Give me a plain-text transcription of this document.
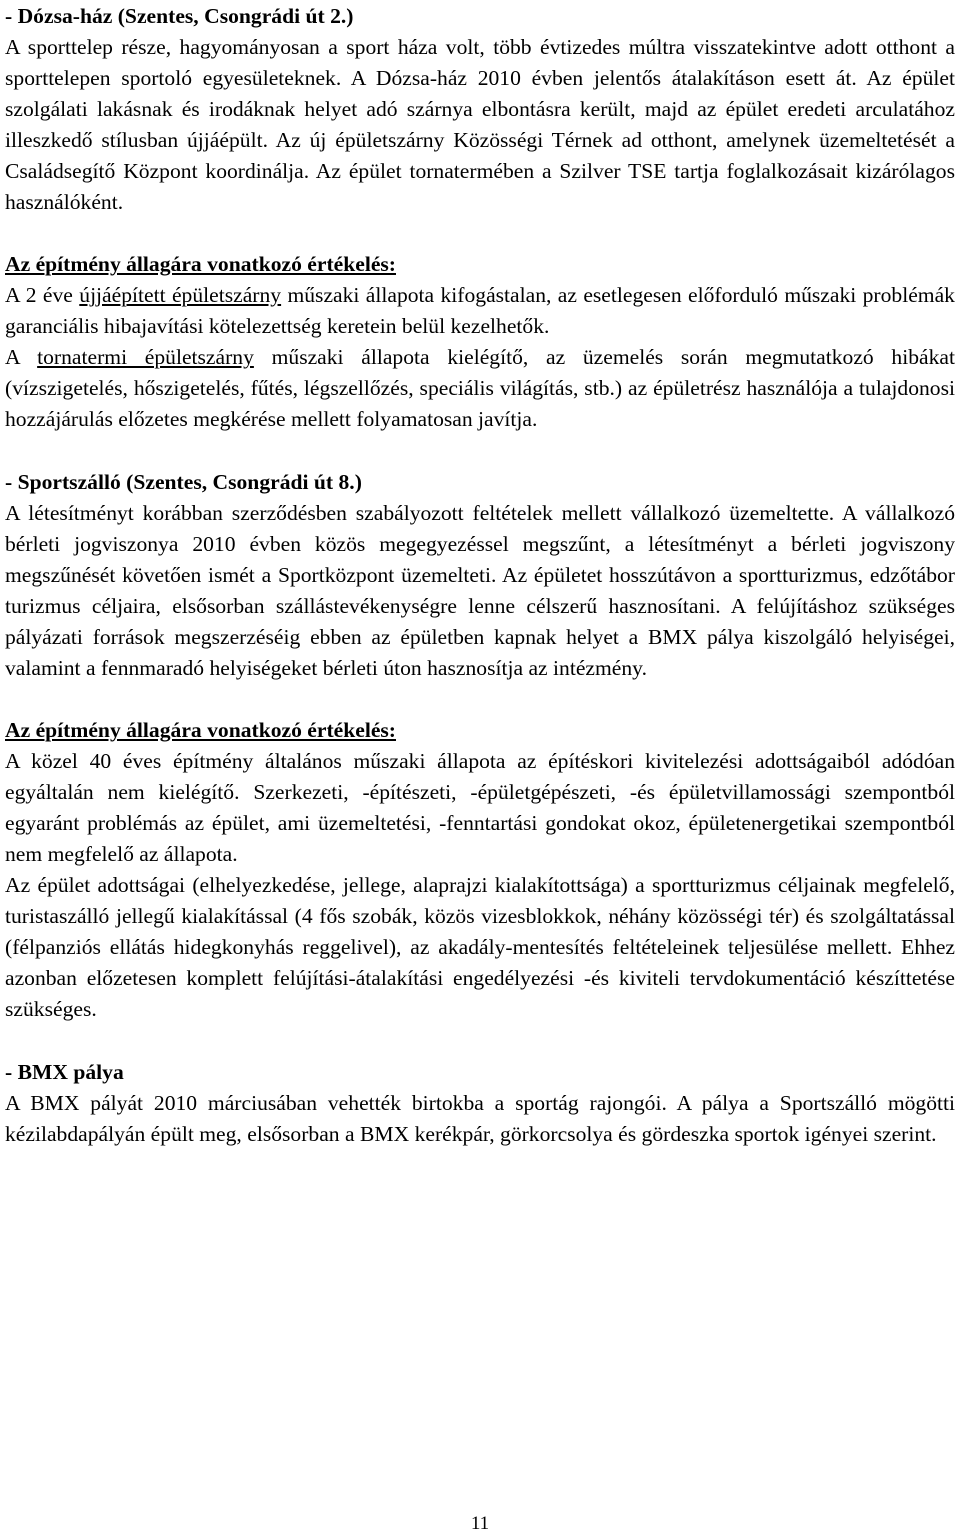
- Dózsa-ház (Szentes, Csongrádi út 2.)

A sporttelep része, hagyományosan a sport háza volt, több évtizedes múltra visszatekintve adott otthont a sporttelepen sportoló egyesületeknek. A Dózsa-ház 2010 évben jelentős átalakításon esett át. Az épület szolgálati lakásnak és irodáknak helyet adó szárnya elbontásra került, majd az épület eredeti arculatához illeszkedő stílusban újjáépült. Az új épületszárny Közösségi Térnek ad otthont, amelynek üzemeltetését a Családsegítő Központ koordinálja. Az épület tornatermében a Szilver TSE tartja foglalkozásait kizárólagos használóként.

Az építmény állagára vonatkozó értékelés:

A 2 éve újjáépített épületszárny műszaki állapota kifogástalan, az esetlegesen előforduló műszaki problémák garanciális hibajavítási kötelezettség keretein belül kezelhetők.

A tornatermi épületszárny műszaki állapota kielégítő, az üzemelés során megmutatkozó hibákat (vízszigetelés, hőszigetelés, fűtés, légszellőzés, speciális világítás, stb.) az épületrész használója a tulajdonosi hozzájárulás előzetes megkérése mellett folyamatosan javítja.

- Sportszálló (Szentes, Csongrádi út 8.)

A létesítményt korábban szerződésben szabályozott feltételek mellett vállalkozó üzemeltette. A vállalkozó bérleti jogviszonya 2010 évben közös megegyezéssel megszűnt, a létesítményt a bérleti jogviszony megszűnését követően ismét a Sportközpont üzemelteti. Az épületet hosszútávon a sportturizmus, edzőtábor turizmus céljaira, elsősorban szállástevékenységre lenne célszerű hasznosítani. A felújításhoz szükséges pályázati források megszerzéséig ebben az épületben kapnak helyet a BMX pálya kiszolgáló helyiségei, valamint a fennmaradó helyiségeket bérleti úton hasznosítja az intézmény.

Az építmény állagára vonatkozó értékelés:

A közel 40 éves építmény általános műszaki állapota az építéskori kivitelezési adottságaiból adódóan egyáltalán nem kielégítő. Szerkezeti, -építészeti, -épületgépészeti, -és épületvillamossági szempontból egyaránt problémás az épület, ami üzemeltetési, -fenntartási gondokat okoz, épületenergetikai szempontból nem megfelelő az állapota.

Az épület adottságai (elhelyezkedése, jellege, alaprajzi kialakítottsága) a sportturizmus céljainak megfelelő, turistaszálló jellegű kialakítással (4 fős szobák, közös vizesblokkok, néhány közösségi tér) és szolgáltatással (félpanziós ellátás hidegkonyhás reggelivel), az akadály-mentesítés feltételeinek teljesülése mellett. Ehhez azonban előzetesen komplett felújítási-átalakítási engedélyezési -és kiviteli tervdokumentáció készíttetése szükséges.

- BMX pálya

A BMX pályát 2010 márciusában vehették birtokba a sportág rajongói. A pálya a Sportszálló mögötti kézilabdapályán épült meg, elsősorban a BMX kerékpár, görkorcsolya és gördeszka sportok igényei szerint.

11
